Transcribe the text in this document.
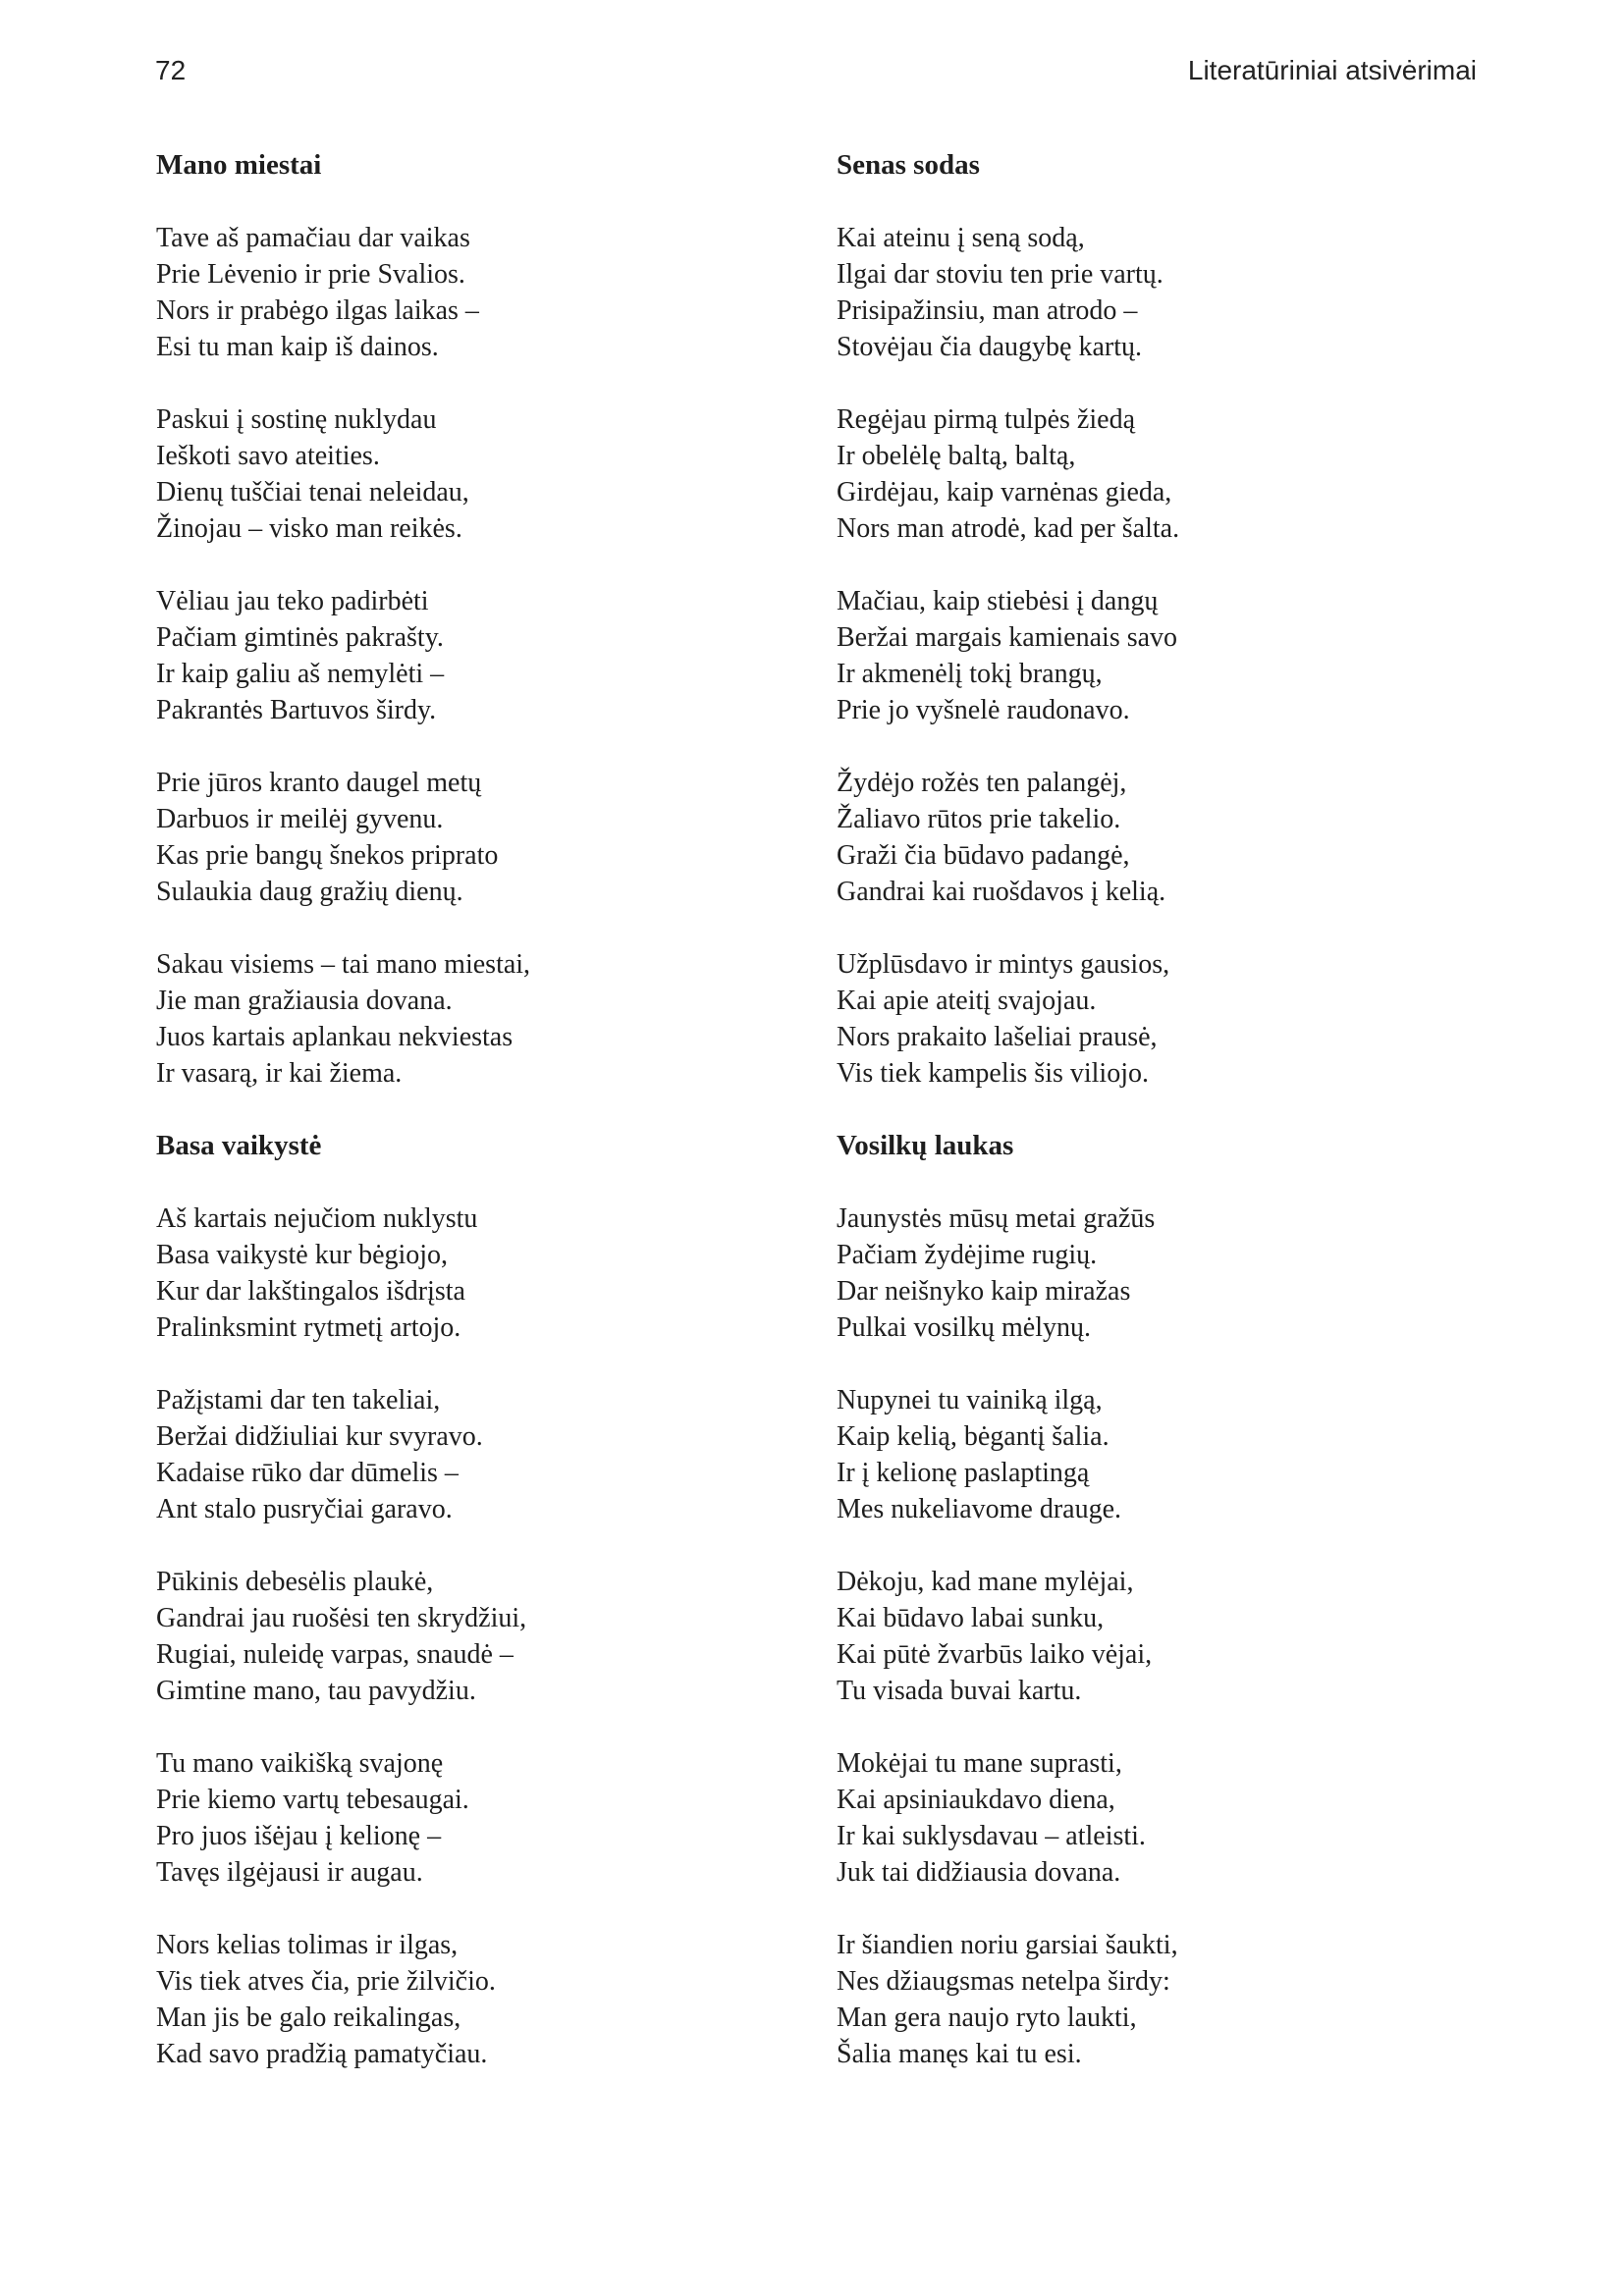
72	Literatūriniai atsivėrimai
Mano miestai
Tave aš pamačiau dar vaikas
Prie Lėvenio ir prie Svalios.
Nors ir prabėgo ilgas laikas –
Esi tu man kaip iš dainos.
Paskui į sostinę nuklydau
Ieškoti savo ateities.
Dienų tuščiai tenai neleidau,
Žinojau – visko man reikės.
Vėliau jau teko padirbėti
Pačiam gimtinės pakrašty.
Ir kaip galiu aš nemylėti –
Pakrantės Bartuvos širdy.
Prie jūros kranto daugel metų
Darbuos ir meilėj gyvenu.
Kas prie bangų šnekos priprato
Sulaukia daug gražių dienų.
Sakau visiems – tai mano miestai,
Jie man gražiausia dovana.
Juos kartais aplankau nekviestas
Ir vasarą, ir kai žiema.
Basa vaikystė
Aš kartais nejučiom nuklystu
Basa vaikystė kur bėgiojo,
Kur dar lakštingalos išdrįsta
Pralinksmint rytmetį artojo.
Pažįstami dar ten takeliai,
Beržai didžiuliai kur svyravo.
Kadaise rūko dar dūmelis –
Ant stalo pusryčiai garavo.
Pūkinis debesėlis plaukė,
Gandrai jau ruošėsi ten skrydžiui,
Rugiai, nuleidę varpas, snaudė –
Gimtine mano, tau pavydžiu.
Tu mano vaikišką svajonę
Prie kiemo vartų tebesaugai.
Pro juos išėjau į kelionę –
Tavęs ilgėjausi ir augau.
Nors kelias tolimas ir ilgas,
Vis tiek atves čia, prie žilvičio.
Man jis be galo reikalingas,
Kad savo pradžią pamatyčiau.
Senas sodas
Kai ateinu į seną sodą,
Ilgai dar stoviu ten prie vartų.
Prisipažinsiu, man atrodo –
Stovėjau čia daugybę kartų.
Regėjau pirmą tulpės žiedą
Ir obelėlę baltą, baltą,
Girdėjau, kaip varnėnas gieda,
Nors man atrodė, kad per šalta.
Mačiau, kaip stiebėsi į dangų
Beržai margais kamienais savo
Ir akmenėlį tokį brangų,
Prie jo vyšnelė raudonavo.
Žydėjo rožės ten palangėj,
Žaliavo rūtos prie takelio.
Graži čia būdavo padangė,
Gandrai kai ruošdavos į kelią.
Užplūsdavo ir mintys gausios,
Kai apie ateitį svajojau.
Nors prakaito lašeliai prausė,
Vis tiek kampelis šis viliojo.
Vosilkų laukas
Jaunystės mūsų metai gražūs
Pačiam žydėjime rugių.
Dar neišnyko kaip miražas
Pulkai vosilkų mėlynų.
Nupynei tu vainiką ilgą,
Kaip kelią, bėgantį šalia.
Ir į kelionę paslaptingą
Mes nukeliavome drauge.
Dėkoju, kad mane mylėjai,
Kai būdavo labai sunku,
Kai pūtė žvarbūs laiko vėjai,
Tu visada buvai kartu.
Mokėjai tu mane suprasti,
Kai apsiniaukdavo diena,
Ir kai suklysdavau – atleisti.
Juk tai didžiausia dovana.
Ir šiandien noriu garsiai šaukti,
Nes džiaugsmas netelpa širdy:
Man gera naujo ryto laukti,
Šalia manęs kai tu esi.
